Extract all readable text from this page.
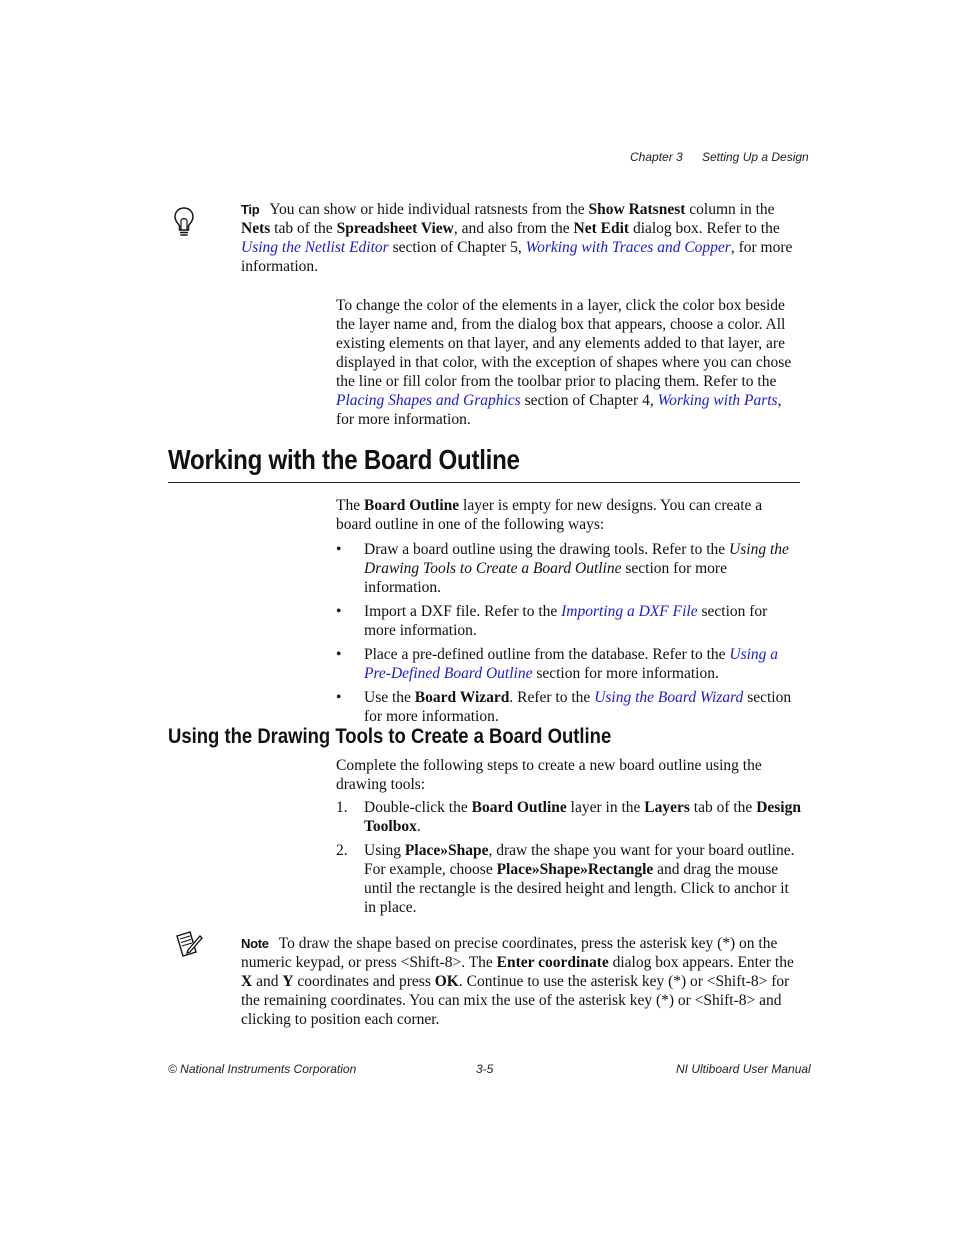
Chapter 3 Setting Up a Design
Tip You can show or hide individual ratsnests from the Show Ratsnest column in the Nets tab of the Spreadsheet View, and also from the Net Edit dialog box. Refer to the Using the Netlist Editor section of Chapter 5, Working with Traces and Copper, for more information.
To change the color of the elements in a layer, click the color box beside the layer name and, from the dialog box that appears, choose a color. All existing elements on that layer, and any elements added to that layer, are displayed in that color, with the exception of shapes where you can chose the line or fill color from the toolbar prior to placing them. Refer to the Placing Shapes and Graphics section of Chapter 4, Working with Parts, for more information.
Working with the Board Outline
The Board Outline layer is empty for new designs. You can create a board outline in one of the following ways:
• Draw a board outline using the drawing tools. Refer to the Using the Drawing Tools to Create a Board Outline section for more information.
• Import a DXF file. Refer to the Importing a DXF File section for more information.
• Place a pre-defined outline from the database. Refer to the Using a Pre-Defined Board Outline section for more information.
• Use the Board Wizard. Refer to the Using the Board Wizard section for more information.
Using the Drawing Tools to Create a Board Outline
Complete the following steps to create a new board outline using the drawing tools:
1. Double-click the Board Outline layer in the Layers tab of the Design Toolbox.
2. Using Place»Shape, draw the shape you want for your board outline. For example, choose Place»Shape»Rectangle and drag the mouse until the rectangle is the desired height and length. Click to anchor it in place.
Note To draw the shape based on precise coordinates, press the asterisk key (*) on the numeric keypad, or press <Shift-8>. The Enter coordinate dialog box appears. Enter the X and Y coordinates and press OK. Continue to use the asterisk key (*) or <Shift-8> for the remaining coordinates. You can mix the use of the asterisk key (*) or <Shift-8> and clicking to position each corner.
© National Instruments Corporation	3-5	NI Ultiboard User Manual
